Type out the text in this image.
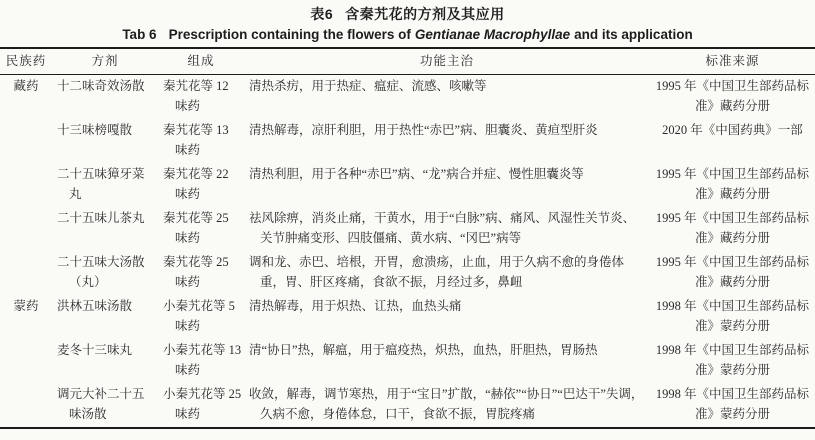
表6 含秦艽花的方剂及其应用
Tab 6 Prescription containing the flowers of Gentianae Macrophyllae and its application
民族药	方剂	组成	功能主治	标准来源
藏药	十二味奇效汤散	秦艽花等 12 味药	清热杀疠，用于热症、瘟症、流感、咳嗽等	1995 年《中国卫生部药品标准》藏药分册
	十三味榜嘎散	秦艽花等 13 味药	清热解毒，凉肝利胆，用于热性“赤巴”病、胆囊炎、黄疸型肝炎	2020 年《中国药典》一部
	二十五味獐牙菜丸	秦艽花等 22 味药	清热利胆，用于各种“赤巴”病、“龙”病合并症、慢性胆囊炎等	1995 年《中国卫生部药品标准》藏药分册
	二十五味儿茶丸	秦艽花等 25 味药	祛风除痹，消炎止痛，干黄水，用于“白脉”病、痛风、风湿性关节炎、关节肿痛变形、四肢僵痛、黄水病、“冈巴”病等	1995 年《中国卫生部药品标准》藏药分册
	二十五味大汤散（丸）	秦艽花等 25 味药	调和龙、赤巴、培根，开胃，愈溃疡，止血，用于久病不愈的身倦体重，胃、肝区疼痛，食欲不振，月经过多，鼻衄	1995 年《中国卫生部药品标准》藏药分册
蒙药	洪林五味汤散	小秦艽花等 5 味药	清热解毒，用于炽热、讧热，血热头痛	1998 年《中国卫生部药品标准》蒙药分册
	麦冬十三味丸	小秦艽花等 13 味药	清“协日”热，解瘟，用于瘟疫热，炽热，血热，肝胆热，胃肠热	1998 年《中国卫生部药品标准》蒙药分册
	调元大补二十五味汤散	小秦艽花等 25 味药	收敛，解毒，调节寒热，用于“宝日”扩散，“赫依”“协日”“巴达干”失调，久病不愈，身倦体怠，口干，食欲不振，胃脘疼痛	1998 年《中国卫生部药品标准》蒙药分册
